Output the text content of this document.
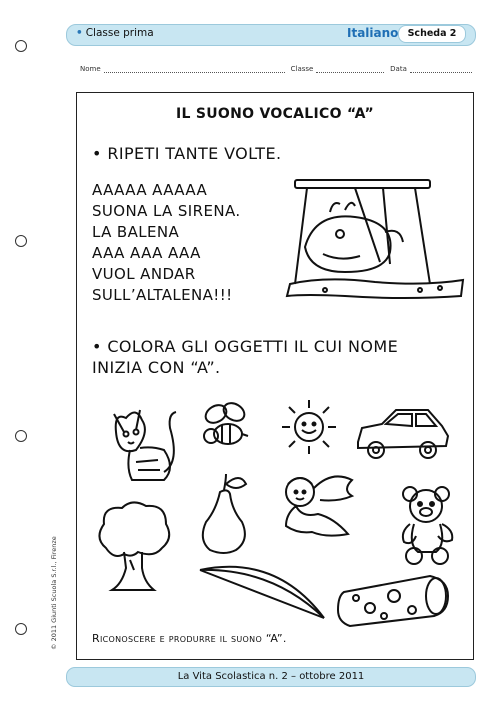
• Classe prima	Italiano Scheda 2
Nome	Classe	Data
IL SUONO VOCALICO “A”
• RIPETI TANTE VOLTE.
AAAAA AAAAA
SUONA LA SIRENA.
LA BALENA
AAA AAA AAA
VUOL ANDAR
SULL’ALTALENA!!!
• COLORA GLI OGGETTI IL CUI NOME
INIZIA CON “A”.
Riconoscere e produrre il suono “A”.
© 2011 Giunti Scuola S.r.l., Firenze
La Vita Scolastica n. 2 – ottobre 2011
